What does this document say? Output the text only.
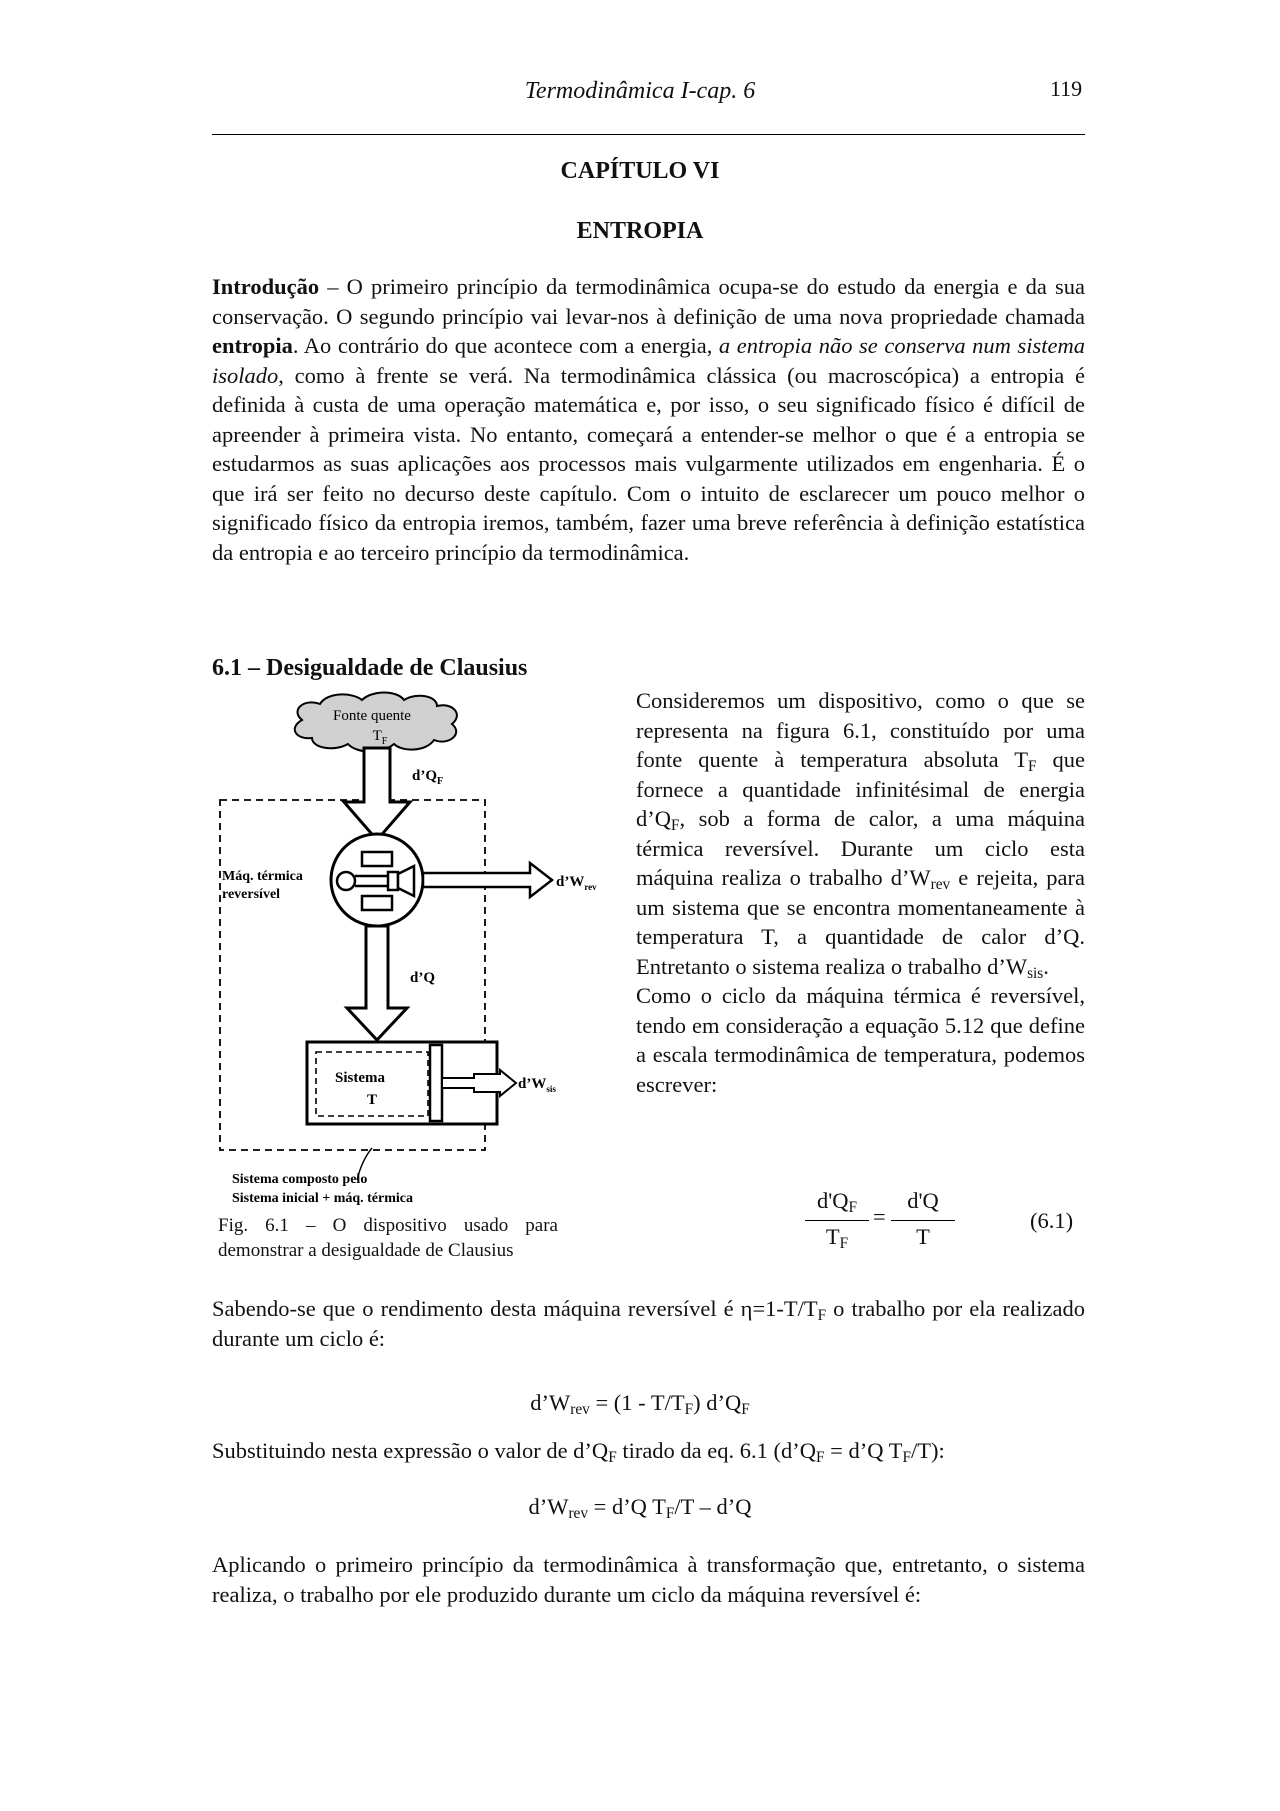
Termodinâmica I-cap. 6	119
CAPÍTULO VI
ENTROPIA
Introdução – O primeiro princípio da termodinâmica ocupa-se do estudo da energia e da sua conservação. O segundo princípio vai levar-nos à definição de uma nova propriedade chamada entropia. Ao contrário do que acontece com a energia, a entropia não se conserva num sistema isolado, como à frente se verá. Na termodinâmica clássica (ou macroscópica) a entropia é definida à custa de uma operação matemática e, por isso, o seu significado físico é difícil de apreender à primeira vista. No entanto, começará a entender-se melhor o que é a entropia se estudarmos as suas aplicações aos processos mais vulgarmente utilizados em engenharia. É o que irá ser feito no decurso deste capítulo. Com o intuito de esclarecer um pouco melhor o significado físico da entropia iremos, também, fazer uma breve referência à definição estatística da entropia e ao terceiro princípio da termodinâmica.
6.1 – Desigualdade de Clausius
Fonte quente
$T_F$
$d’Q_F$
Máq. térmica
reversível
$d’W_{rev}$
d’Q
Sistema
T
$d’W_{sis}$
Sistema composto pelo
Sistema inicial + máq. térmica
Fig. 6.1 – O dispositivo usado para demonstrar a desigualdade de Clausius
Consideremos um dispositivo, como o que se representa na figura 6.1, constituído por uma fonte quente à temperatura absoluta $T_F$ que fornece a quantidade infinitésimal de energia $d’Q_F$, sob a forma de calor, a uma máquina térmica reversível. Durante um ciclo esta máquina realiza o trabalho $d’W_{rev}$ e rejeita, para um sistema que se encontra momentaneamente à temperatura T, a quantidade de calor d’Q. Entretanto o sistema realiza o trabalho $d’W_{sis}$.
Como o ciclo da máquina térmica é reversível, tendo em consideração a equação 5.12 que define a escala termodinâmica de temperatura, podemos escrever:
$d'Q_F$
$T_F$
=
d'Q
T
(6.1)
Sabendo-se que o rendimento desta máquina reversível é $\eta=1-T/T_F$ o trabalho por ela realizado durante um ciclo é:
$d’W_{rev} = (1 - T/T_F)$ $d’Q_F$
Substituindo nesta expressão o valor de $d’Q_F$ tirado da eq. 6.1 ($d’Q_F$ = d’Q $T_F/T$):
$d’W_{rev}$ = d’Q $T_F/T$ – d’Q
Aplicando o primeiro princípio da termodinâmica à transformação que, entretanto, o sistema realiza, o trabalho por ele produzido durante um ciclo da máquina reversível é:
